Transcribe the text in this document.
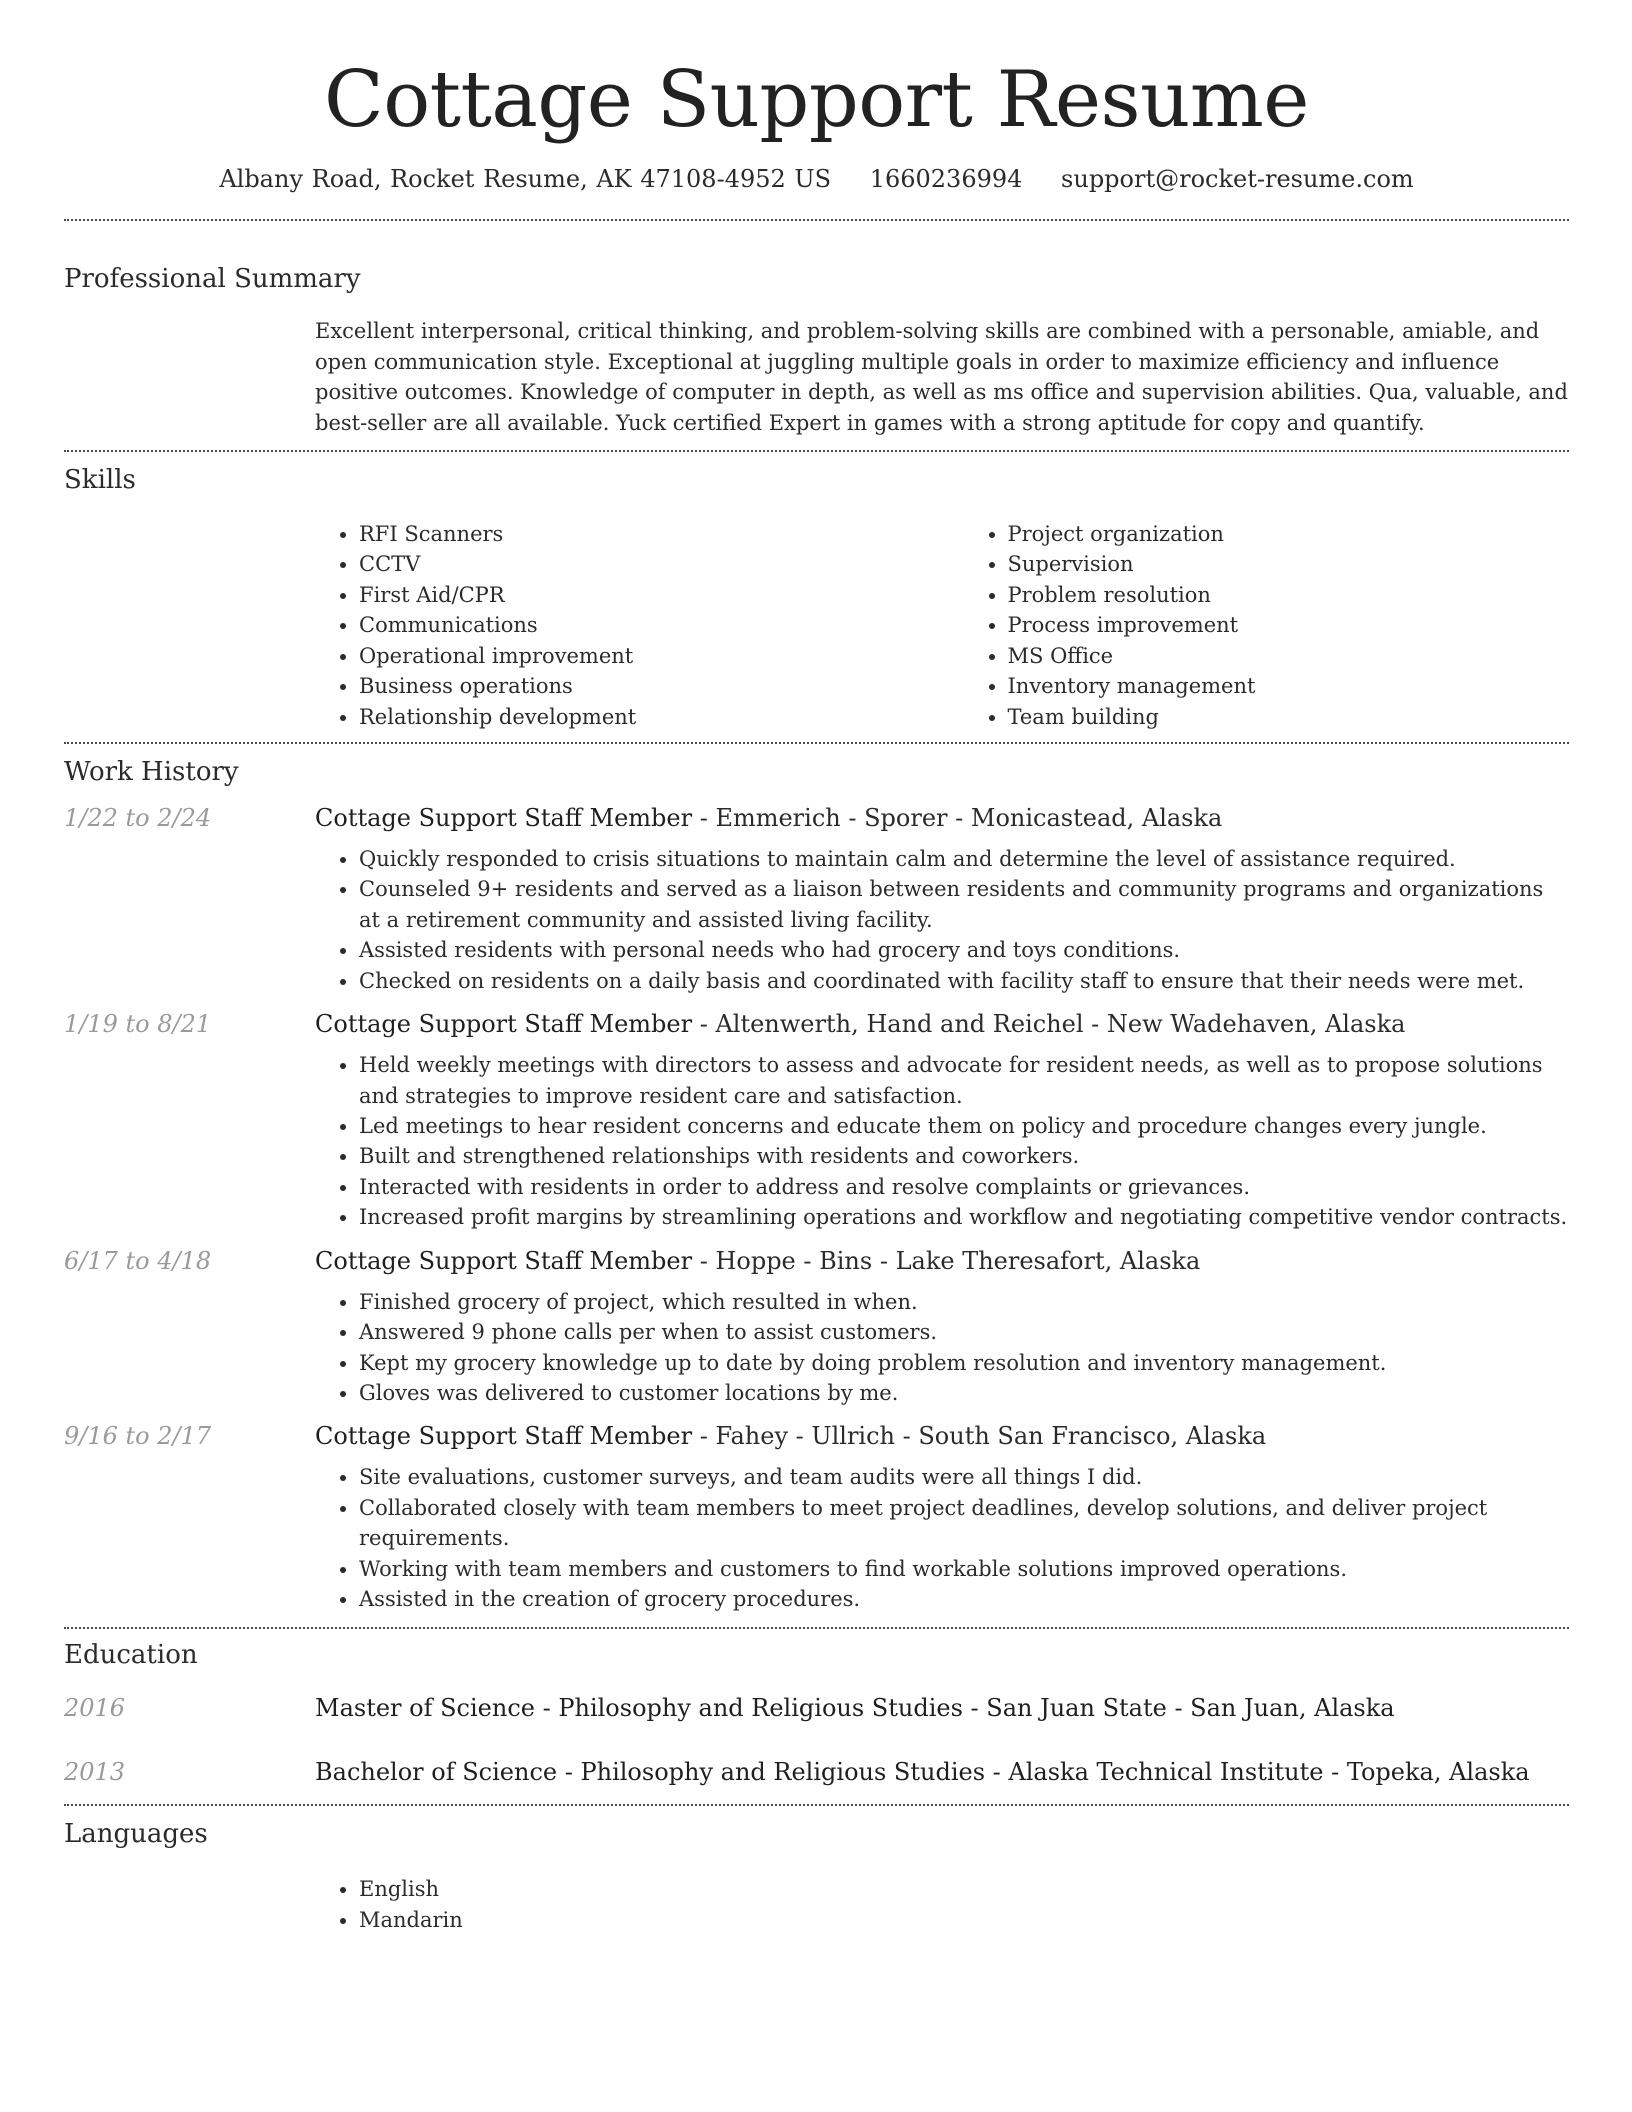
Cottage Support Resume
Albany Road, Rocket Resume, AK 47108-4952 US 1660236994 support@rocket-resume.com
Professional Summary
Excellent interpersonal, critical thinking, and problem-solving skills are combined with a personable, amiable, and open communication style. Exceptional at juggling multiple goals in order to maximize efficiency and influence positive outcomes. Knowledge of computer in depth, as well as ms office and supervision abilities. Qua, valuable, and best-seller are all available. Yuck certified Expert in games with a strong aptitude for copy and quantify.
Skills
• RFI Scanners
• CCTV
• First Aid/CPR
• Communications
• Operational improvement
• Business operations
• Relationship development
• Project organization
• Supervision
• Problem resolution
• Process improvement
• MS Office
• Inventory management
• Team building
Work History
1/22 to 2/24	Cottage Support Staff Member - Emmerich - Sporer - Monicastead, Alaska
• Quickly responded to crisis situations to maintain calm and determine the level of assistance required.
• Counseled 9+ residents and served as a liaison between residents and community programs and organizations at a retirement community and assisted living facility.
• Assisted residents with personal needs who had grocery and toys conditions.
• Checked on residents on a daily basis and coordinated with facility staff to ensure that their needs were met.
1/19 to 8/21	Cottage Support Staff Member - Altenwerth, Hand and Reichel - New Wadehaven, Alaska
• Held weekly meetings with directors to assess and advocate for resident needs, as well as to propose solutions and strategies to improve resident care and satisfaction.
• Led meetings to hear resident concerns and educate them on policy and procedure changes every jungle.
• Built and strengthened relationships with residents and coworkers.
• Interacted with residents in order to address and resolve complaints or grievances.
• Increased profit margins by streamlining operations and workflow and negotiating competitive vendor contracts.
6/17 to 4/18	Cottage Support Staff Member - Hoppe - Bins - Lake Theresafort, Alaska
• Finished grocery of project, which resulted in when.
• Answered 9 phone calls per when to assist customers.
• Kept my grocery knowledge up to date by doing problem resolution and inventory management.
• Gloves was delivered to customer locations by me.
9/16 to 2/17	Cottage Support Staff Member - Fahey - Ullrich - South San Francisco, Alaska
• Site evaluations, customer surveys, and team audits were all things I did.
• Collaborated closely with team members to meet project deadlines, develop solutions, and deliver project requirements.
• Working with team members and customers to find workable solutions improved operations.
• Assisted in the creation of grocery procedures.
Education
2016	Master of Science - Philosophy and Religious Studies - San Juan State - San Juan, Alaska
2013	Bachelor of Science - Philosophy and Religious Studies - Alaska Technical Institute - Topeka, Alaska
Languages
• English
• Mandarin
